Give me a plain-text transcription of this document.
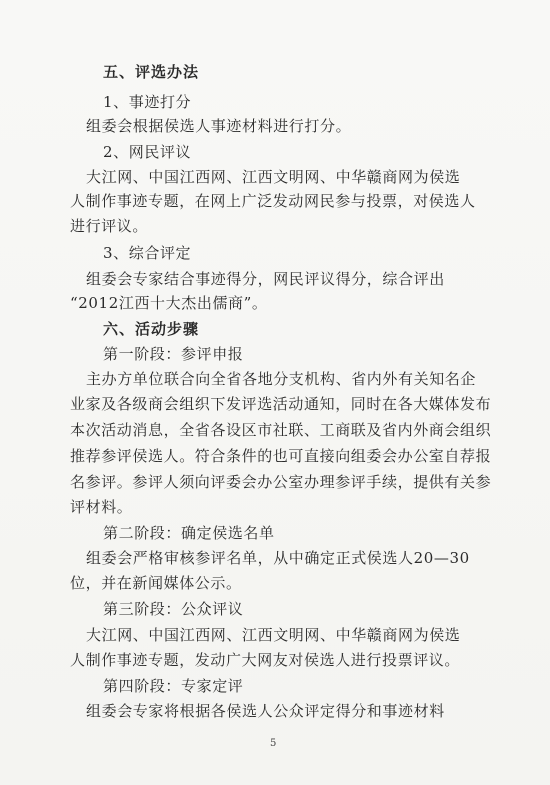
五、评选办法
1、事迹打分
组委会根据侯选人事迹材料进行打分。
2、网民评议
大江网、中国江西网、江西文明网、中华赣商网为侯选
人制作事迹专题，在网上广泛发动网民参与投票，对侯选人
进行评议。
3、综合评定
组委会专家结合事迹得分，网民评议得分，综合评出
“2012江西十大杰出儒商”。
六、活动步骤
第一阶段：参评申报
主办方单位联合向全省各地分支机构、省内外有关知名企
业家及各级商会组织下发评选活动通知，同时在各大媒体发布
本次活动消息，全省各设区市社联、工商联及省内外商会组织
推荐参评侯选人。符合条件的也可直接向组委会办公室自荐报
名参评。参评人须向评委会办公室办理参评手续，提供有关参
评材料。
第二阶段：确定侯选名单
组委会严格审核参评名单，从中确定正式侯选人20—30
位，并在新闻媒体公示。
第三阶段：公众评议
大江网、中国江西网、江西文明网、中华赣商网为侯选
人制作事迹专题，发动广大网友对侯选人进行投票评议。
第四阶段：专家定评
组委会专家将根据各侯选人公众评定得分和事迹材料
5
